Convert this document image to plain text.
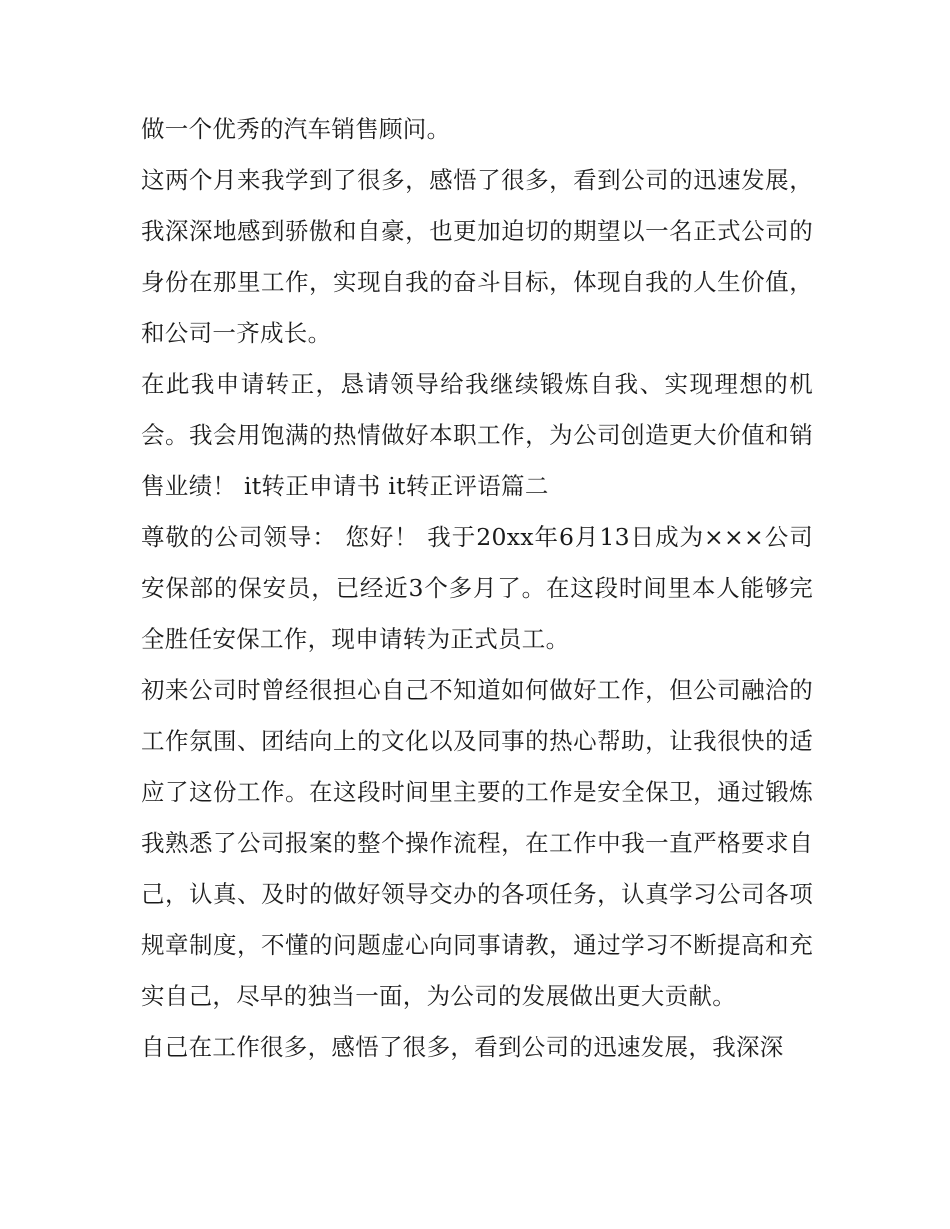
做一个优秀的汽车销售顾问。

这两个月来我学到了很多，感悟了很多，看到公司的迅速发展，我深深地感到骄傲和自豪，也更加迫切的期望以一名正式公司的身份在那里工作，实现自我的奋斗目标，体现自我的人生价值，和公司一齐成长。

在此我申请转正，恳请领导给我继续锻炼自我、实现理想的机会。我会用饱满的热情做好本职工作，为公司创造更大价值和销售业绩！ it转正申请书 it转正评语篇二

尊敬的公司领导： 您好！ 我于20xx年6月13日成为×××公司安保部的保安员，已经近3个多月了。在这段时间里本人能够完全胜任安保工作，现申请转为正式员工。

初来公司时曾经很担心自己不知道如何做好工作，但公司融洽的工作氛围、团结向上的文化以及同事的热心帮助，让我很快的适应了这份工作。在这段时间里主要的工作是安全保卫，通过锻炼我熟悉了公司报案的整个操作流程，在工作中我一直严格要求自己，认真、及时的做好领导交办的各项任务，认真学习公司各项规章制度，不懂的问题虚心向同事请教，通过学习不断提高和充实自己，尽早的独当一面，为公司的发展做出更大贡献。

自己在工作很多，感悟了很多，看到公司的迅速发展，我深深
